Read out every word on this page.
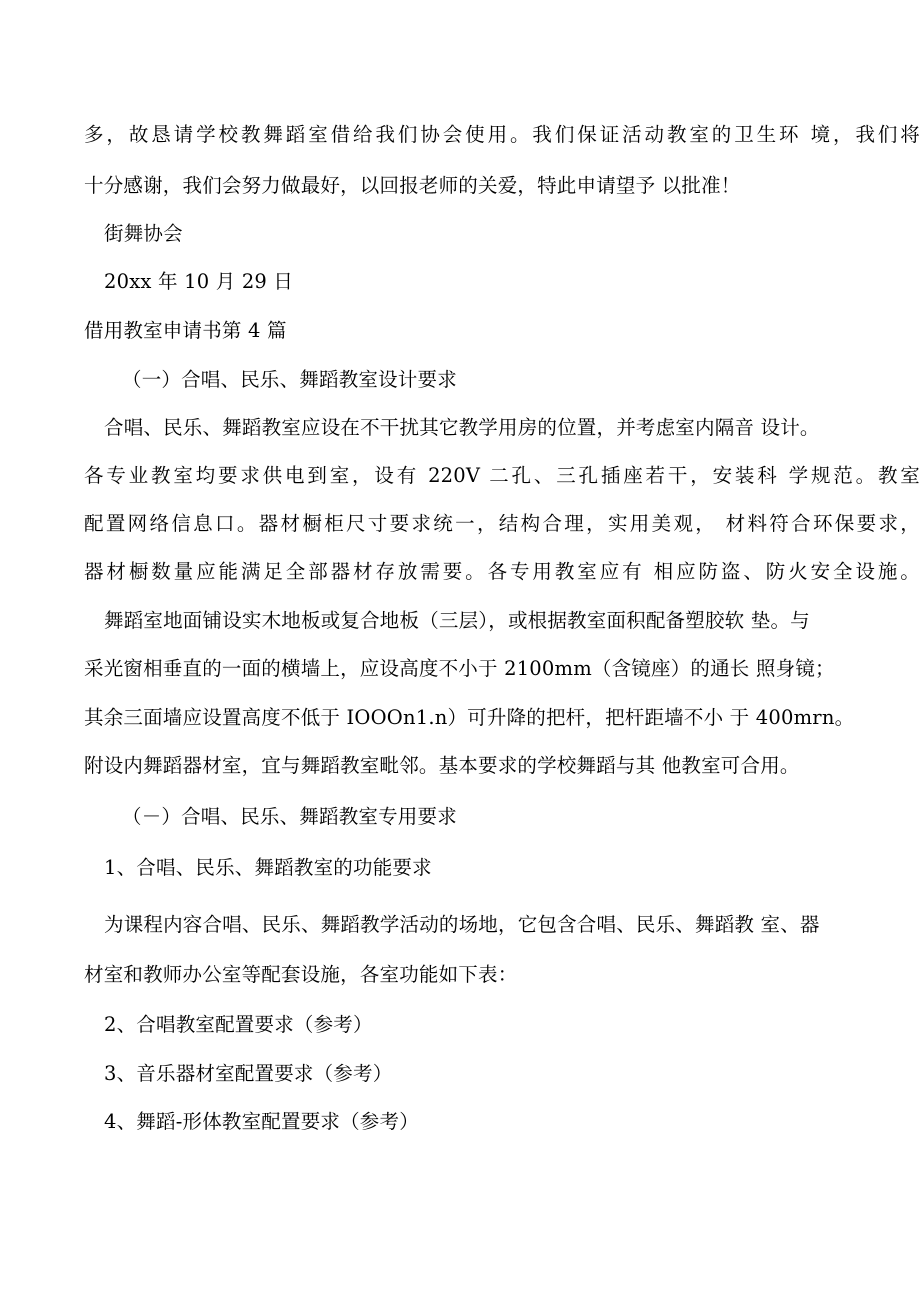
多，故恳请学校教舞蹈室借给我们协会使用。我们保证活动教室的卫生环 境，我们将
十分感谢，我们会努力做最好，以回报老师的关爱，特此申请望予 以批准！
街舞协会
20xx 年 10 月 29 日
借用教室申请书第 4 篇
（一）合唱、民乐、舞蹈教室设计要求
合唱、民乐、舞蹈教室应设在不干扰其它教学用房的位置，并考虑室内隔音 设计。
各专业教室均要求供电到室，设有 220V 二孔、三孔插座若干，安装科 学规范。教室
配置网络信息口。器材橱柜尺寸要求统一，结构合理，实用美观， 材料符合环保要求，
器材橱数量应能满足全部器材存放需要。各专用教室应有 相应防盗、防火安全设施。
舞蹈室地面铺设实木地板或复合地板（三层），或根据教室面积配备塑胶软 垫。与
采光窗相垂直的一面的横墙上，应设高度不小于 2100mm（含镜座）的通长 照身镜；
其余三面墙应设置高度不低于 IOOOn1.n）可升降的把杆，把杆距墙不小 于 400mrn。
附设内舞蹈器材室，宜与舞蹈教室毗邻。基本要求的学校舞蹈与其 他教室可合用。
（－）合唱、民乐、舞蹈教室专用要求
1、合唱、民乐、舞蹈教室的功能要求
为课程内容合唱、民乐、舞蹈教学活动的场地，它包含合唱、民乐、舞蹈教 室、器
材室和教师办公室等配套设施，各室功能如下表：
2、合唱教室配置要求（参考）
3、音乐器材室配置要求（参考）
4、舞蹈-形体教室配置要求（参考）
